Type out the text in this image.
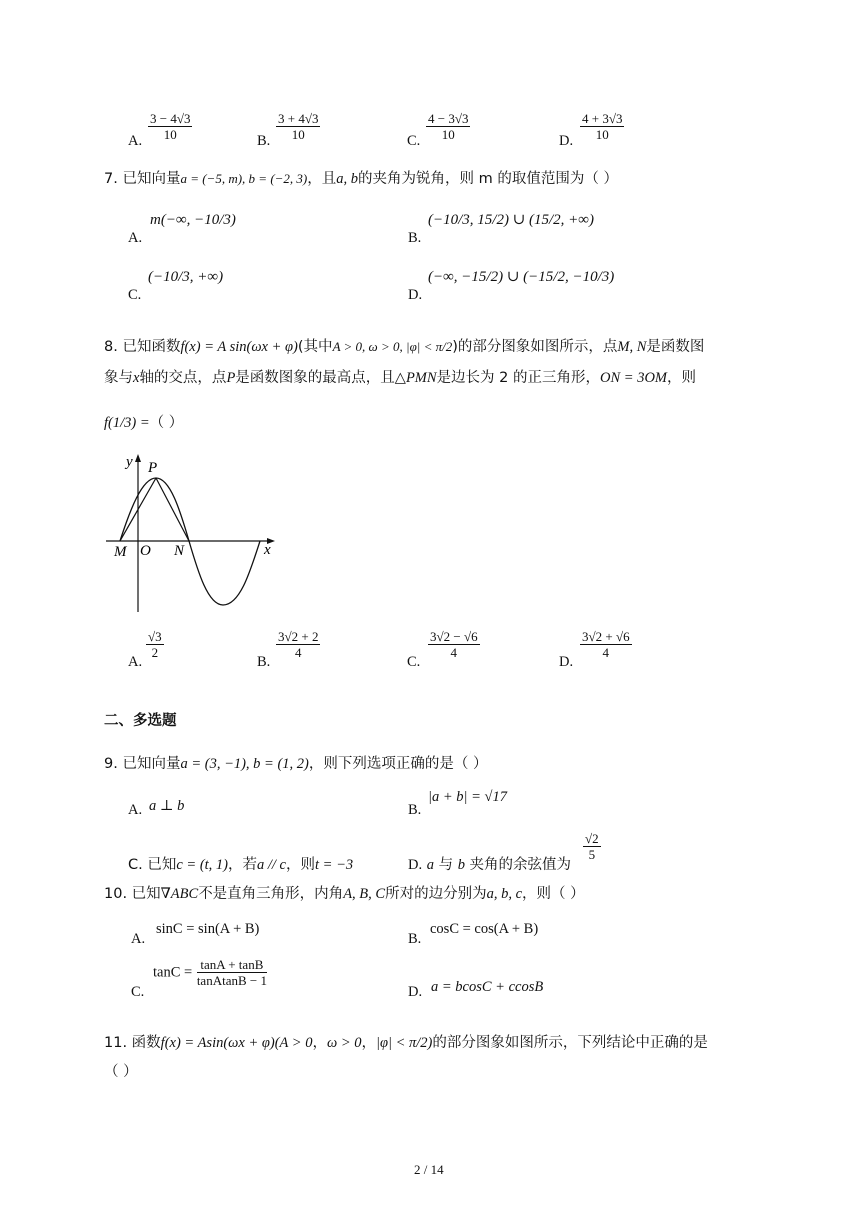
A. $\frac{3 - 4√3}{10}$	B. $\frac{3 + 4√3}{10}$	C. $\frac{4 - 3√3}{10}$	D. $\frac{4 + 3√3}{10}$
7. 已知向量a = (−5, m), b = (−2, 3)，且a, b的夹角为锐角，则 m 的取值范围为（ ）
A.
m(−∞, −10/3)
B.
(−10/3, 15/2) ∪ (15/2, +∞)
C.
(−10/3, +∞)
D.
(−∞, −15/2) ∪ (−15/2, −10/3)
8. 已知函数f(x) = A sin(ωx + φ)(其中A > 0, ω > 0, |φ| < π/2)的部分图象如图所示，点M, N是函数图
象与x轴的交点，点P是函数图象的最高点，且△PMN是边长为 2 的正三角形，ON = 3OM，则
f(1/3) =（ ）
y P
M O N	x
A.
$\frac{√3}{2}$
B.
$\frac{3√2 + 2}{4}$
C.
$\frac{3√2 - √6}{4}$
D.
$\frac{3√2 + √6}{4}$
二、多选题
9. 已知向量a = (3, −1), b = (1, 2)，则下列选项正确的是（ ）
A. a ⊥ b	B.
|a + b| = √17
C. 已知c = (t, 1)，若a // c，则t = −3	D. a 与 b 夹角的余弦值为
$\frac{√2}{5}$
10. 已知∇ABC不是直角三角形，内角A, B, C所对的边分别为a, b, c，则（ ）
A.
sinC = sin(A + B)
B.
cosC = cos(A + B)
C.
$\tan C = \frac{\tan A + \tan B}{\text{tanAtanB − 1}}$
D. a = bcosC + ccosB
11. 函数f(x) = Asin(ωx + φ)(A > 0，ω > 0，|φ| < π/2)的部分图象如图所示，下列结论中正确的是
（ ）
2 / 14
